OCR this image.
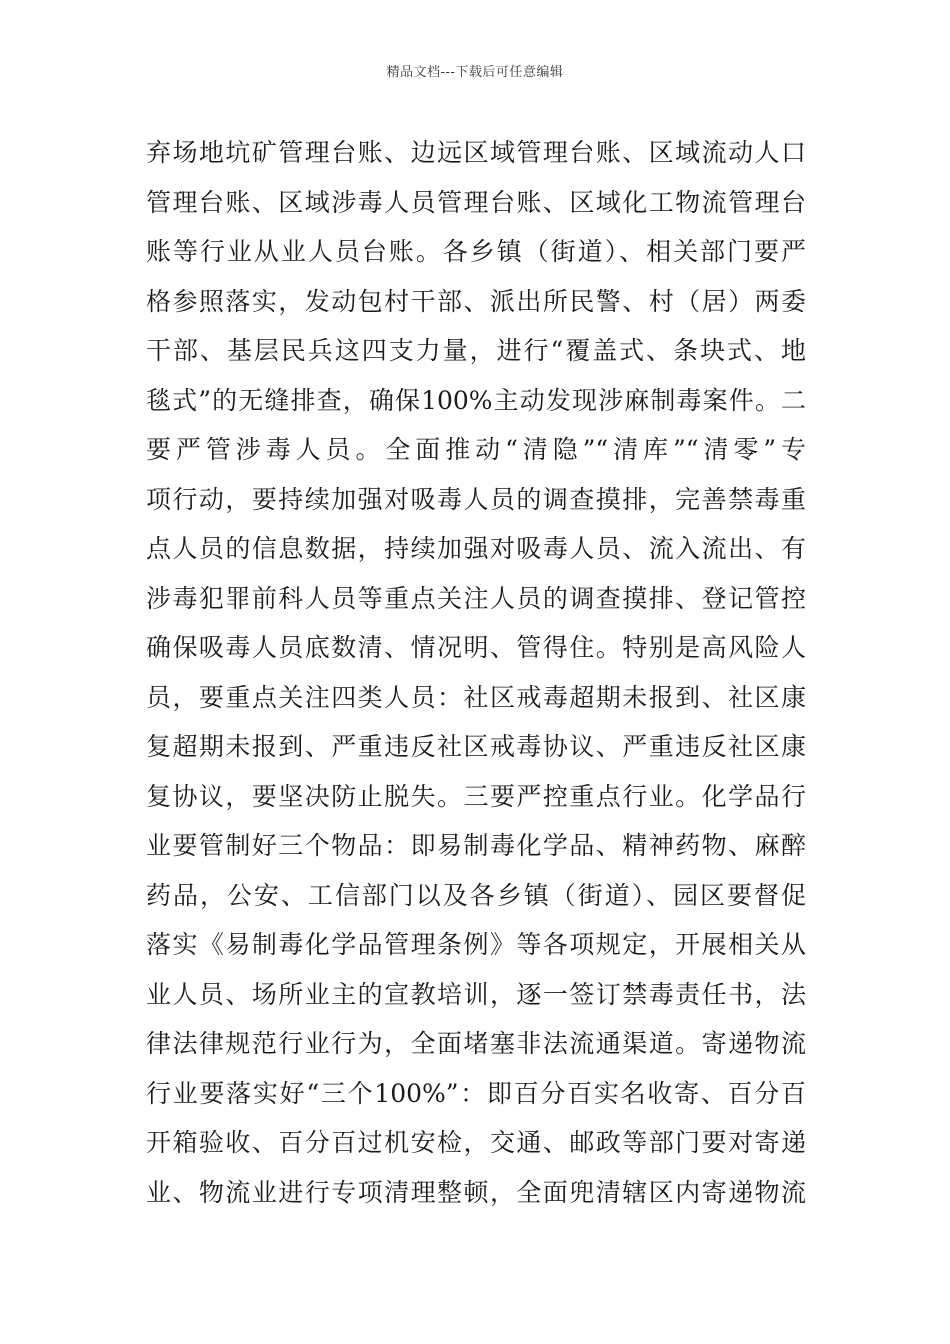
精品文档---下载后可任意编辑
弃场地坑矿管理台账、边远区域管理台账、区域流动人口
管理台账、区域涉毒人员管理台账、区域化工物流管理台
账等行业从业人员台账。各乡镇（街道）、相关部门要严
格参照落实，发动包村干部、派出所民警、村（居）两委
干部、基层民兵这四支力量，进行“覆盖式、条块式、地
毯式”的无缝排查，确保100%主动发现涉麻制毒案件。二
要严管涉毒人员。全面推动“清隐”“清库”“清零”专
项行动，要持续加强对吸毒人员的调查摸排，完善禁毒重
点人员的信息数据，持续加强对吸毒人员、流入流出、有
涉毒犯罪前科人员等重点关注人员的调查摸排、登记管控
确保吸毒人员底数清、情况明、管得住。特别是高风险人
员，要重点关注四类人员：社区戒毒超期未报到、社区康
复超期未报到、严重违反社区戒毒协议、严重违反社区康
复协议，要坚决防止脱失。三要严控重点行业。化学品行
业要管制好三个物品：即易制毒化学品、精神药物、麻醉
药品，公安、工信部门以及各乡镇（街道）、园区要督促
落实《易制毒化学品管理条例》等各项规定，开展相关从
业人员、场所业主的宣教培训，逐一签订禁毒责任书，法
律法律规范行业行为，全面堵塞非法流通渠道。寄递物流
行业要落实好“三个100%”：即百分百实名收寄、百分百
开箱验收、百分百过机安检，交通、邮政等部门要对寄递
业、物流业进行专项清理整顿，全面兜清辖区内寄递物流
